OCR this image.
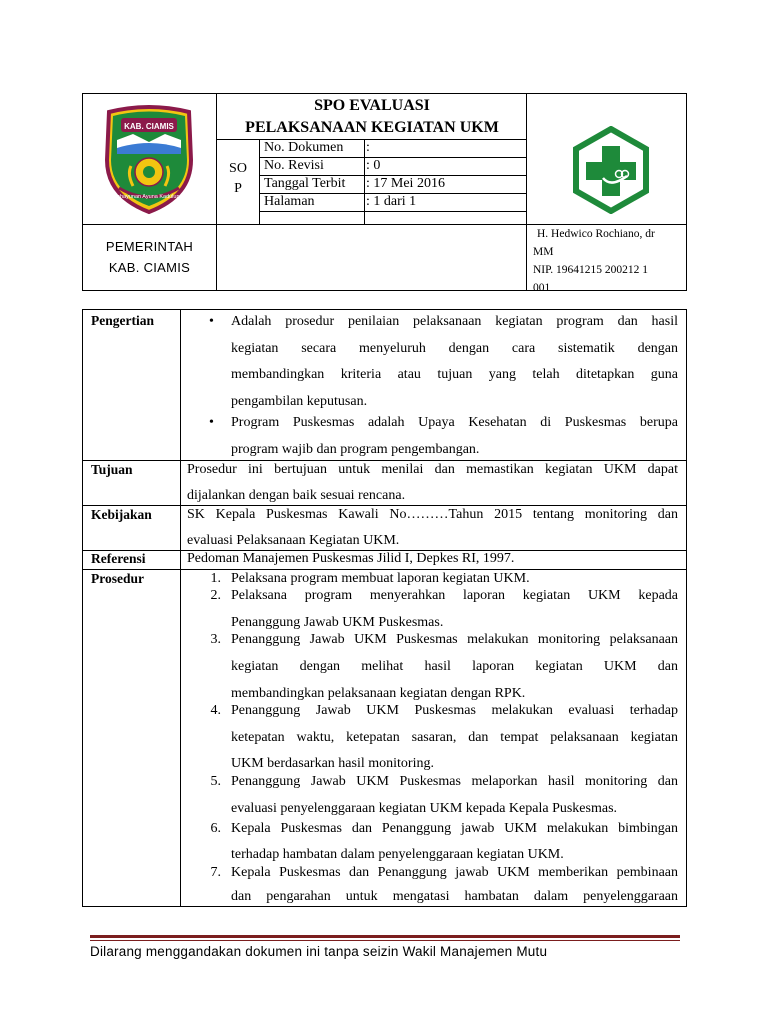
KAB. CIAMIS
Mahayunan Ayuna Kadulunan
SPO EVALUASI
PELAKSANAAN KEGIATAN UKM
SO
P
No. Dokumen :
No. Revisi	: 0
Tanggal Terbit : 17 Mei 2016
Halaman	: 1 dari 1
PEMERINTAH
KAB. CIAMIS
H. Hedwico Rochiano, dr
MM
NIP. 19641215 200212 1
001
Pengertian	• Adalah prosedur penilaian pelaksanaan kegiatan program dan hasil
kegiatan secara menyeluruh dengan cara sistematik dengan
membandingkan kriteria atau tujuan yang telah ditetapkan guna
pengambilan keputusan.
• Program Puskesmas adalah Upaya Kesehatan di Puskesmas berupa
program wajib dan program pengembangan.
Tujuan	Prosedur ini bertujuan untuk menilai dan memastikan kegiatan UKM dapat
dijalankan dengan baik sesuai rencana.
Kebijakan	SK Kepala Puskesmas Kawali No………Tahun 2015 tentang monitoring dan
evaluasi Pelaksanaan Kegiatan UKM.
Referensi	Pedoman Manajemen Puskesmas Jilid I, Depkes RI, 1997.
Prosedur	1. Pelaksana program membuat laporan kegiatan UKM.
2. Pelaksana program menyerahkan laporan kegiatan UKM kepada
Penanggung Jawab UKM Puskesmas.
3. Penanggung Jawab UKM Puskesmas melakukan monitoring pelaksanaan
kegiatan dengan melihat hasil laporan kegiatan UKM dan
membandingkan pelaksanaan kegiatan dengan RPK.
4. Penanggung Jawab UKM Puskesmas melakukan evaluasi terhadap
ketepatan waktu, ketepatan sasaran, dan tempat pelaksanaan kegiatan
UKM berdasarkan hasil monitoring.
5. Penanggung Jawab UKM Puskesmas melaporkan hasil monitoring dan
evaluasi penyelenggaraan kegiatan UKM kepada Kepala Puskesmas.
6. Kepala Puskesmas dan Penanggung jawab UKM melakukan bimbingan
terhadap hambatan dalam penyelenggaraan kegiatan UKM.
7. Kepala Puskesmas dan Penanggung jawab UKM memberikan pembinaan
dan pengarahan untuk mengatasi hambatan dalam penyelenggaraan
Dilarang menggandakan dokumen ini tanpa seizin Wakil Manajemen Mutu
